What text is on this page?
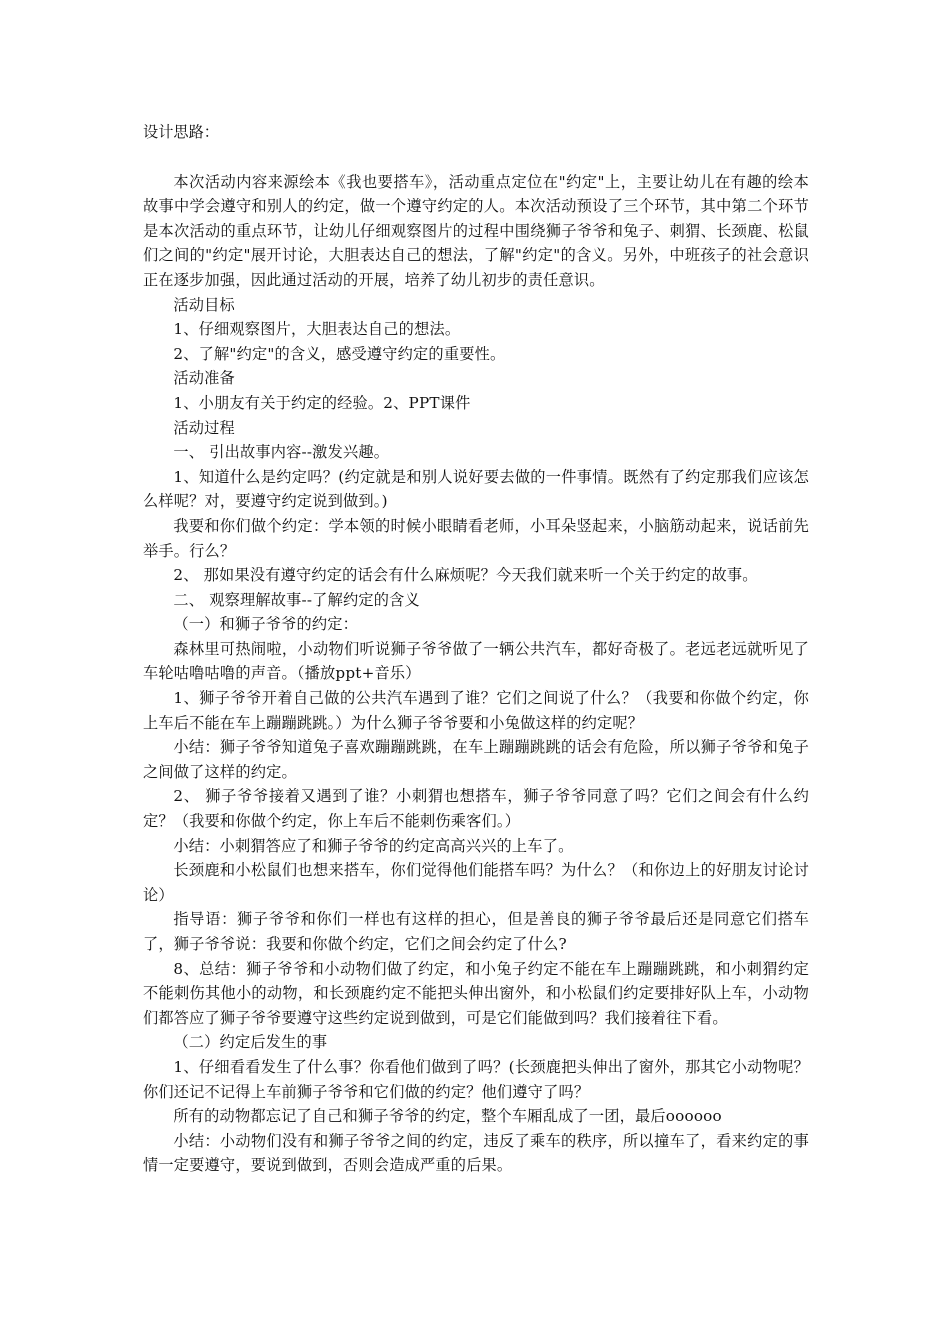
设计思路：

本次活动内容来源绘本《我也要搭车》，活动重点定位在"约定"上，主要让幼儿在有趣的绘本故事中学会遵守和别人的约定，做一个遵守约定的人。本次活动预设了三个环节，其中第二个环节是本次活动的重点环节，让幼儿仔细观察图片的过程中围绕狮子爷爷和兔子、刺猬、长颈鹿、松鼠们之间的"约定"展开讨论，大胆表达自己的想法，了解"约定"的含义。另外，中班孩子的社会意识正在逐步加强，因此通过活动的开展，培养了幼儿初步的责任意识。

活动目标

1、仔细观察图片，大胆表达自己的想法。

2、了解"约定"的含义，感受遵守约定的重要性。

活动准备

1、小朋友有关于约定的经验。2、PPT课件

活动过程

一、 引出故事内容--激发兴趣。

1、知道什么是约定吗？(约定就是和别人说好要去做的一件事情。既然有了约定那我们应该怎么样呢？对，要遵守约定说到做到。)

我要和你们做个约定：学本领的时候小眼睛看老师，小耳朵竖起来，小脑筋动起来，说话前先举手。行么？

2、 那如果没有遵守约定的话会有什么麻烦呢？今天我们就来听一个关于约定的故事。

二、 观察理解故事--了解约定的含义

（一）和狮子爷爷的约定：

森林里可热闹啦，小动物们听说狮子爷爷做了一辆公共汽车，都好奇极了。老远老远就听见了车轮咕噜咕噜的声音。（播放ppt+音乐）

1、狮子爷爷开着自己做的公共汽车遇到了谁？它们之间说了什么？（我要和你做个约定，你上车后不能在车上蹦蹦跳跳。）为什么狮子爷爷要和小兔做这样的约定呢？

小结：狮子爷爷知道兔子喜欢蹦蹦跳跳，在车上蹦蹦跳跳的话会有危险，所以狮子爷爷和兔子之间做了这样的约定。

2、 狮子爷爷接着又遇到了谁？小刺猬也想搭车，狮子爷爷同意了吗？它们之间会有什么约定？（我要和你做个约定，你上车后不能刺伤乘客们。）

小结：小刺猬答应了和狮子爷爷的约定高高兴兴的上车了。

长颈鹿和小松鼠们也想来搭车，你们觉得他们能搭车吗？为什么？（和你边上的好朋友讨论讨论）

指导语：狮子爷爷和你们一样也有这样的担心，但是善良的狮子爷爷最后还是同意它们搭车了，狮子爷爷说：我要和你做个约定，它们之间会约定了什么?

8、总结：狮子爷爷和小动物们做了约定，和小兔子约定不能在车上蹦蹦跳跳，和小刺猬约定不能刺伤其他小的动物，和长颈鹿约定不能把头伸出窗外，和小松鼠们约定要排好队上车，小动物们都答应了狮子爷爷要遵守这些约定说到做到，可是它们能做到吗？我们接着往下看。

（二）约定后发生的事

1、仔细看看发生了什么事？你看他们做到了吗？(长颈鹿把头伸出了窗外，那其它小动物呢？你们还记不记得上车前狮子爷爷和它们做的约定？他们遵守了吗？

所有的动物都忘记了自己和狮子爷爷的约定，整个车厢乱成了一团，最后oooooo

小结：小动物们没有和狮子爷爷之间的约定，违反了乘车的秩序，所以撞车了，看来约定的事情一定要遵守，要说到做到，否则会造成严重的后果。
